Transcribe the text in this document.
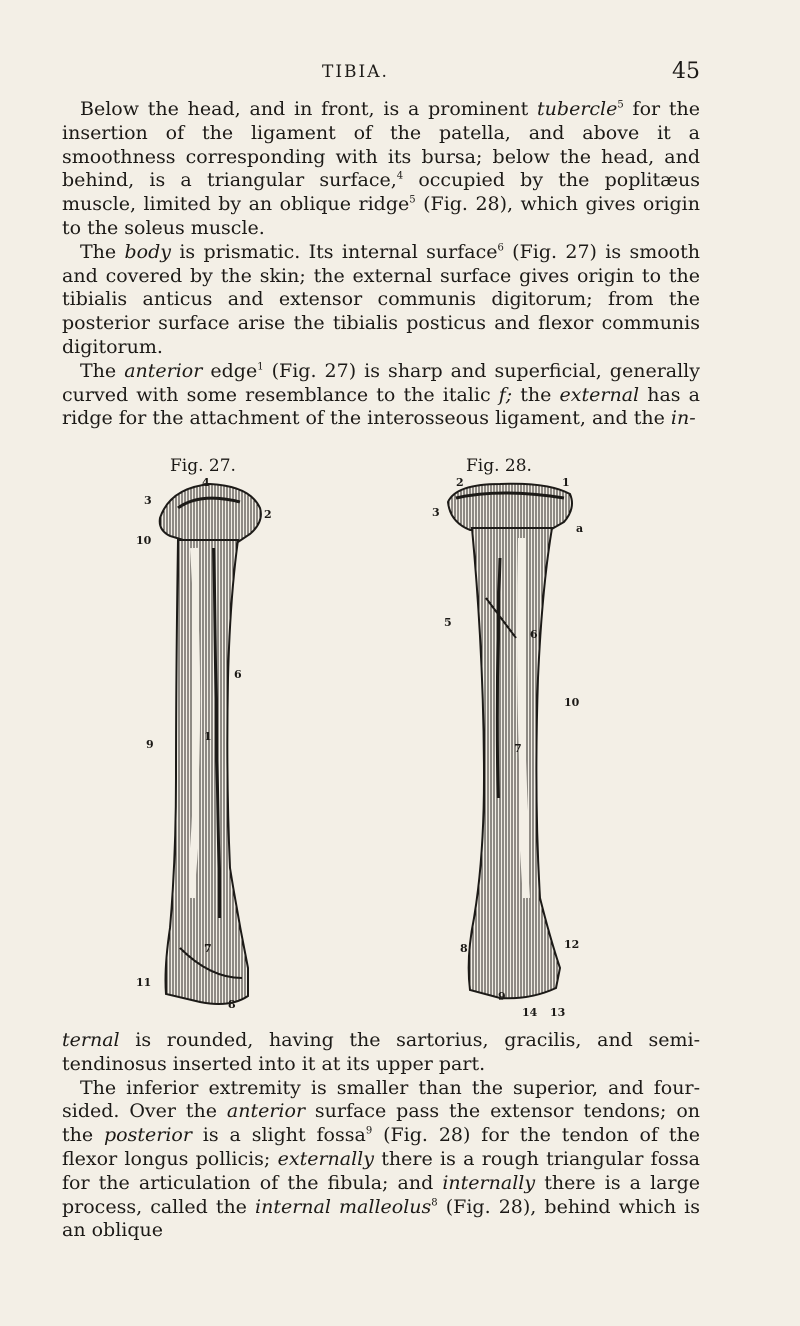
TIBIA.	45

Below the head, and in front, is a prominent tubercle$^5$ for the insertion of the ligament of the patella, and above it a smoothness corresponding with its bursa; below the head, and behind, is a triangular surface,$^4$ occupied by the poplitæus muscle, limited by an oblique ridge$^5$ (Fig. 28), which gives origin to the soleus muscle.

The body is prismatic. Its internal surface$^6$ (Fig. 27) is smooth and covered by the skin; the external surface gives origin to the tibialis anticus and extensor communis digitorum; from the posterior surface arise the tibialis posticus and flexor communis digitorum.

The anterior edge$^1$ (Fig. 27) is sharp and superficial, generally curved with some resemblance to the italic f; the external has a ridge for the attachment of the interosseous ligament, and the in-

Fig. 27.	Fig. 28.
4
3
2
10
6
9
1
7
11
8
2	1
3
a
5
6
10
7
8	12
9
14 13

ternal is rounded, having the sartorius, gracilis, and semi-tendinosus inserted into it at its upper part.

The inferior extremity is smaller than the superior, and four-sided. Over the anterior surface pass the extensor tendons; on the posterior is a slight fossa$^9$ (Fig. 28) for the tendon of the flexor longus pollicis; externally there is a rough triangular fossa for the articulation of the fibula; and internally there is a large process, called the internal malleolus$^8$ (Fig. 28), behind which is an oblique
